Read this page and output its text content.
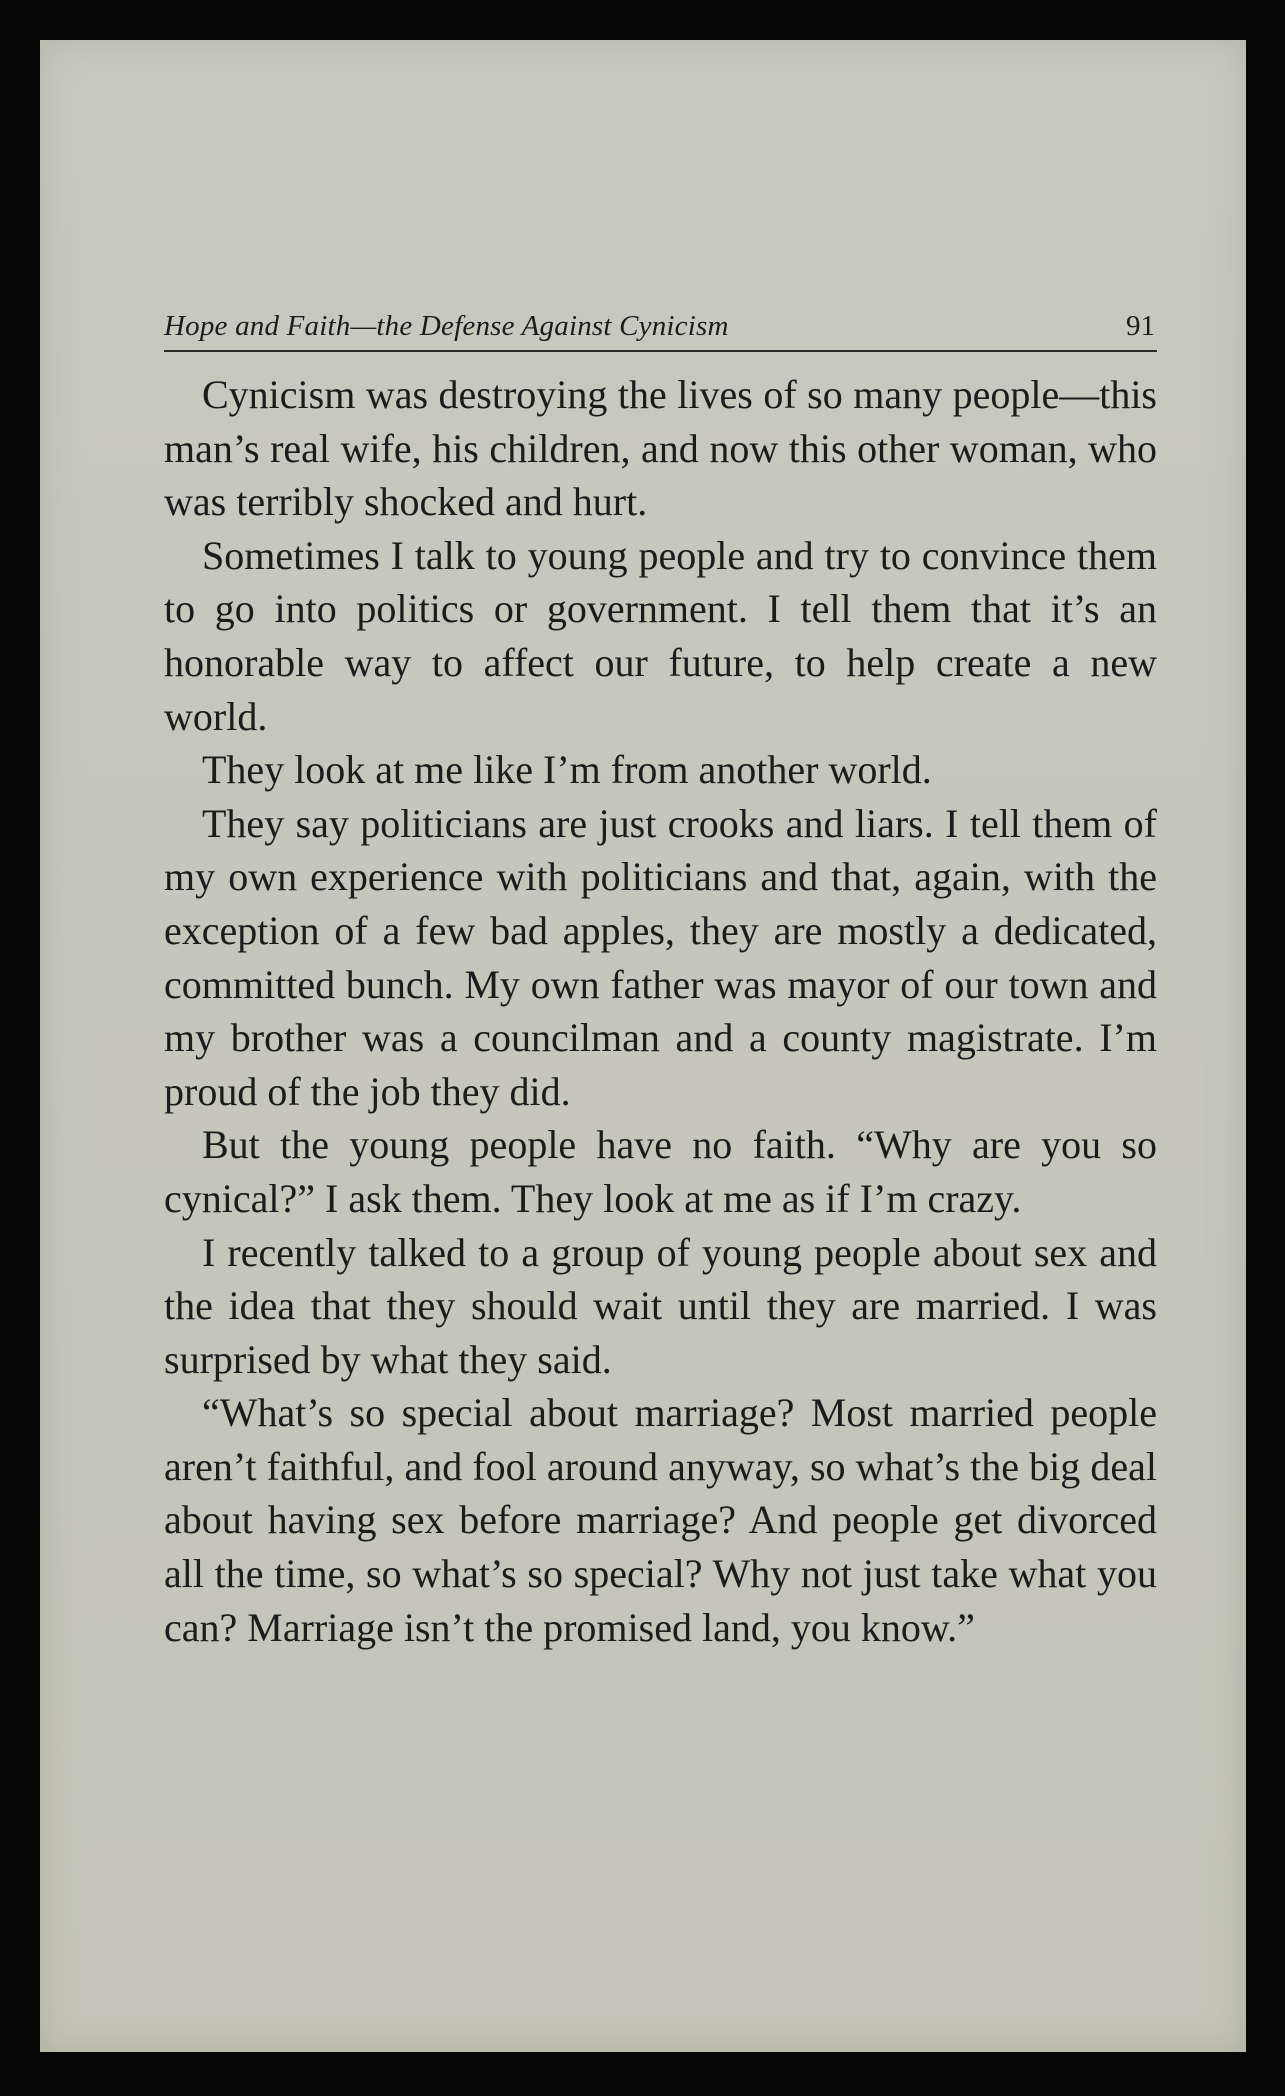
Hope and Faith—the Defense Against Cynicism	91

Cynicism was destroying the lives of so many people—this man’s real wife, his children, and now this other woman, who was terribly shocked and hurt.

Sometimes I talk to young people and try to convince them to go into politics or government. I tell them that it’s an honorable way to affect our future, to help create a new world.

They look at me like I’m from another world.

They say politicians are just crooks and liars. I tell them of my own experience with politicians and that, again, with the exception of a few bad apples, they are mostly a dedicated, committed bunch. My own father was mayor of our town and my brother was a councilman and a county magistrate. I’m proud of the job they did.

But the young people have no faith. “Why are you so cynical?” I ask them. They look at me as if I’m crazy.

I recently talked to a group of young people about sex and the idea that they should wait until they are married. I was surprised by what they said.

“What’s so special about marriage? Most married people aren’t faithful, and fool around anyway, so what’s the big deal about having sex before marriage? And people get divorced all the time, so what’s so special? Why not just take what you can? Marriage isn’t the promised land, you know.”
